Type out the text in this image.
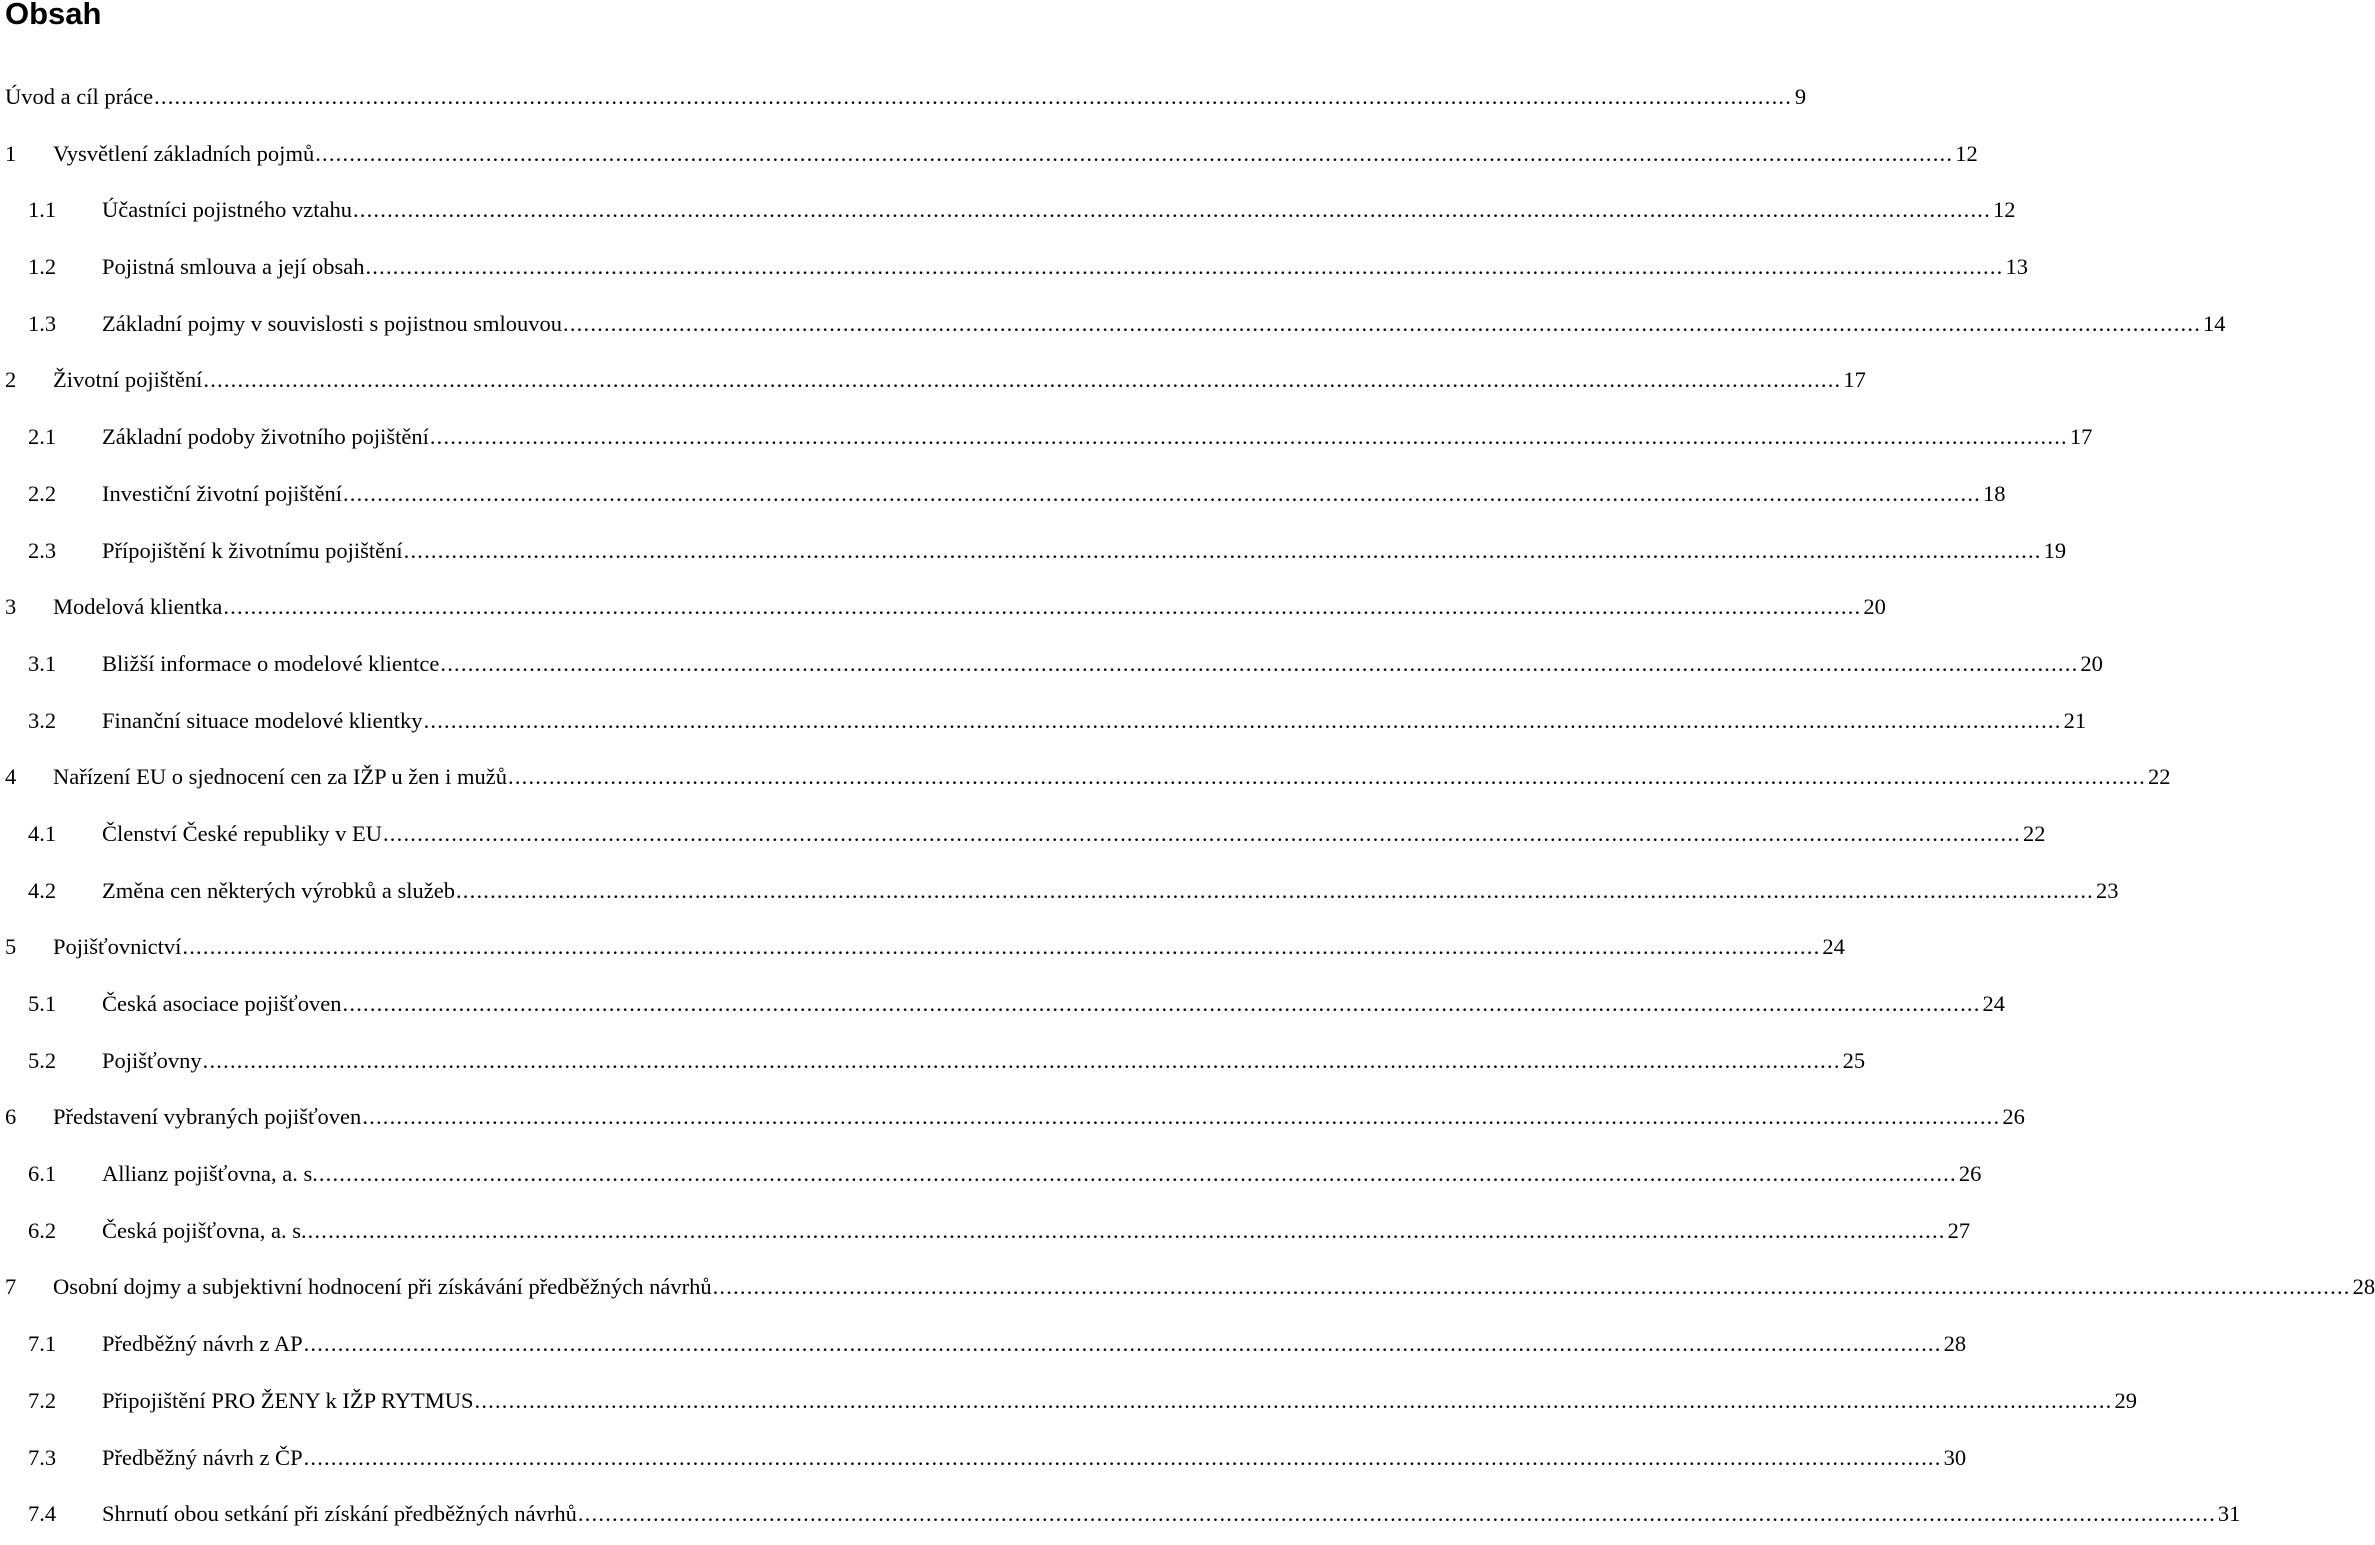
Obsah
Úvod a cíl práce .....	9
1	Vysvětlení základních pojmů .....	12
1.1	Účastníci pojistného vztahu .....	12
1.2	Pojistná smlouva a její obsah .....	13
1.3	Základní pojmy v souvislosti s pojistnou smlouvou .....	14
2	Životní pojištění .....	17
2.1	Základní podoby životního pojištění .....	17
2.2	Investiční životní pojištění .....	18
2.3	Přípojištění k životnímu pojištění .....	19
3	Modelová klientka .....	20
3.1	Bližší informace o modelové klientce .....	20
3.2	Finanční situace modelové klientky .....	21
4	Nařízení EU o sjednocení cen za IŽP u žen i mužů .....	22
4.1	Členství České republiky v EU .....	22
4.2	Změna cen některých výrobků a služeb .....	23
5	Pojišťovnictví .....	24
5.1	Česká asociace pojišťoven .....	24
5.2	Pojišťovny .....	25
6	Představení vybraných pojišťoven .....	26
6.1	Allianz pojišťovna, a. s. .....	26
6.2	Česká pojišťovna, a. s. .....	27
7	Osobní dojmy a subjektivní hodnocení při získávání předběžných návrhů .....	28
7.1	Předběžný návrh z AP .....	28
7.2	Připojištění PRO ŽENY k IŽP RYTMUS .....	29
7.3	Předběžný návrh z ČP .....	30
7.4	Shrnutí obou setkání při získání předběžných návrhů .....	31
